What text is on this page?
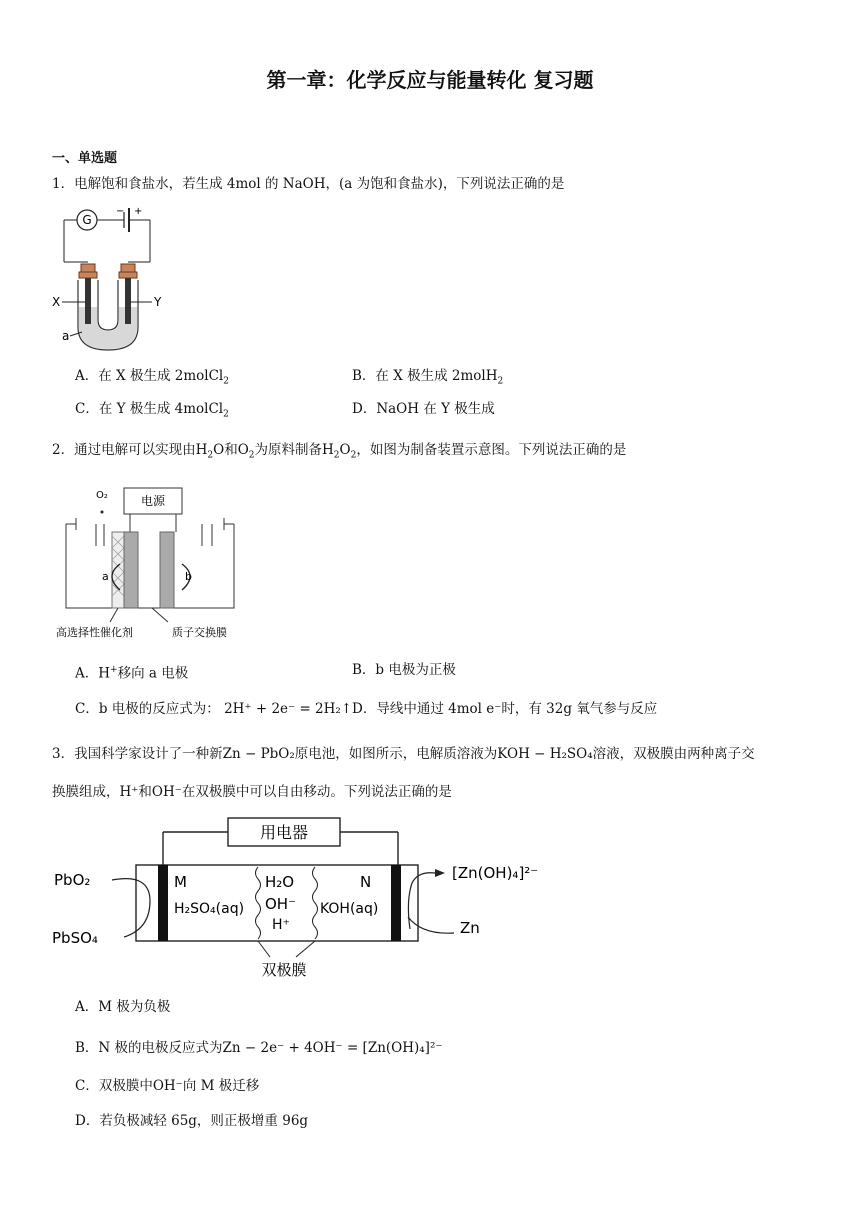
第一章：化学反应与能量转化 复习题
一、单选题
1．电解饱和食盐水，若生成 4mol 的 NaOH，(a 为饱和食盐水)，下列说法正确的是
G
− +
X	Y
a
A．在 X 极生成 2molCl$_2$	B．在 X 极生成 2molH$_2$
C．在 Y 极生成 4molCl$_2$	D．NaOH 在 Y 极生成
2．通过电解可以实现由$H_2O$和$O_2$为原料制备$H_2O_2$，如图为制备装置示意图。下列说法正确的是
O₂	电源
a	b
高选择性催化剂	质子交换膜
A．H+移向 a 电极	B．b 电极为正极
C．b 电极的反应式为： 2H⁺ + 2e⁻ = 2H₂↑ D．导线中通过 4mol e⁻时，有 32g 氧气参与反应
3．我国科学家设计了一种新Zn − PbO₂原电池，如图所示，电解质溶液为KOH − H₂SO₄溶液，双极膜由两种离子交
换膜组成，H⁺和OH⁻在双极膜中可以自由移动。下列说法正确的是
用电器
PbO₂
PbSO₄
M
H₂SO₄(aq)
H₂O
OH⁻
H⁺
N
KOH(aq)
[Zn(OH)₄]²⁻
Zn
双极膜
A．M 极为负极
B．N 极的电极反应式为Zn − 2e⁻ + 4OH⁻ = [Zn(OH)₄]²⁻
C．双极膜中OH⁻向 M 极迁移
D．若负极减轻 65g，则正极增重 96g
